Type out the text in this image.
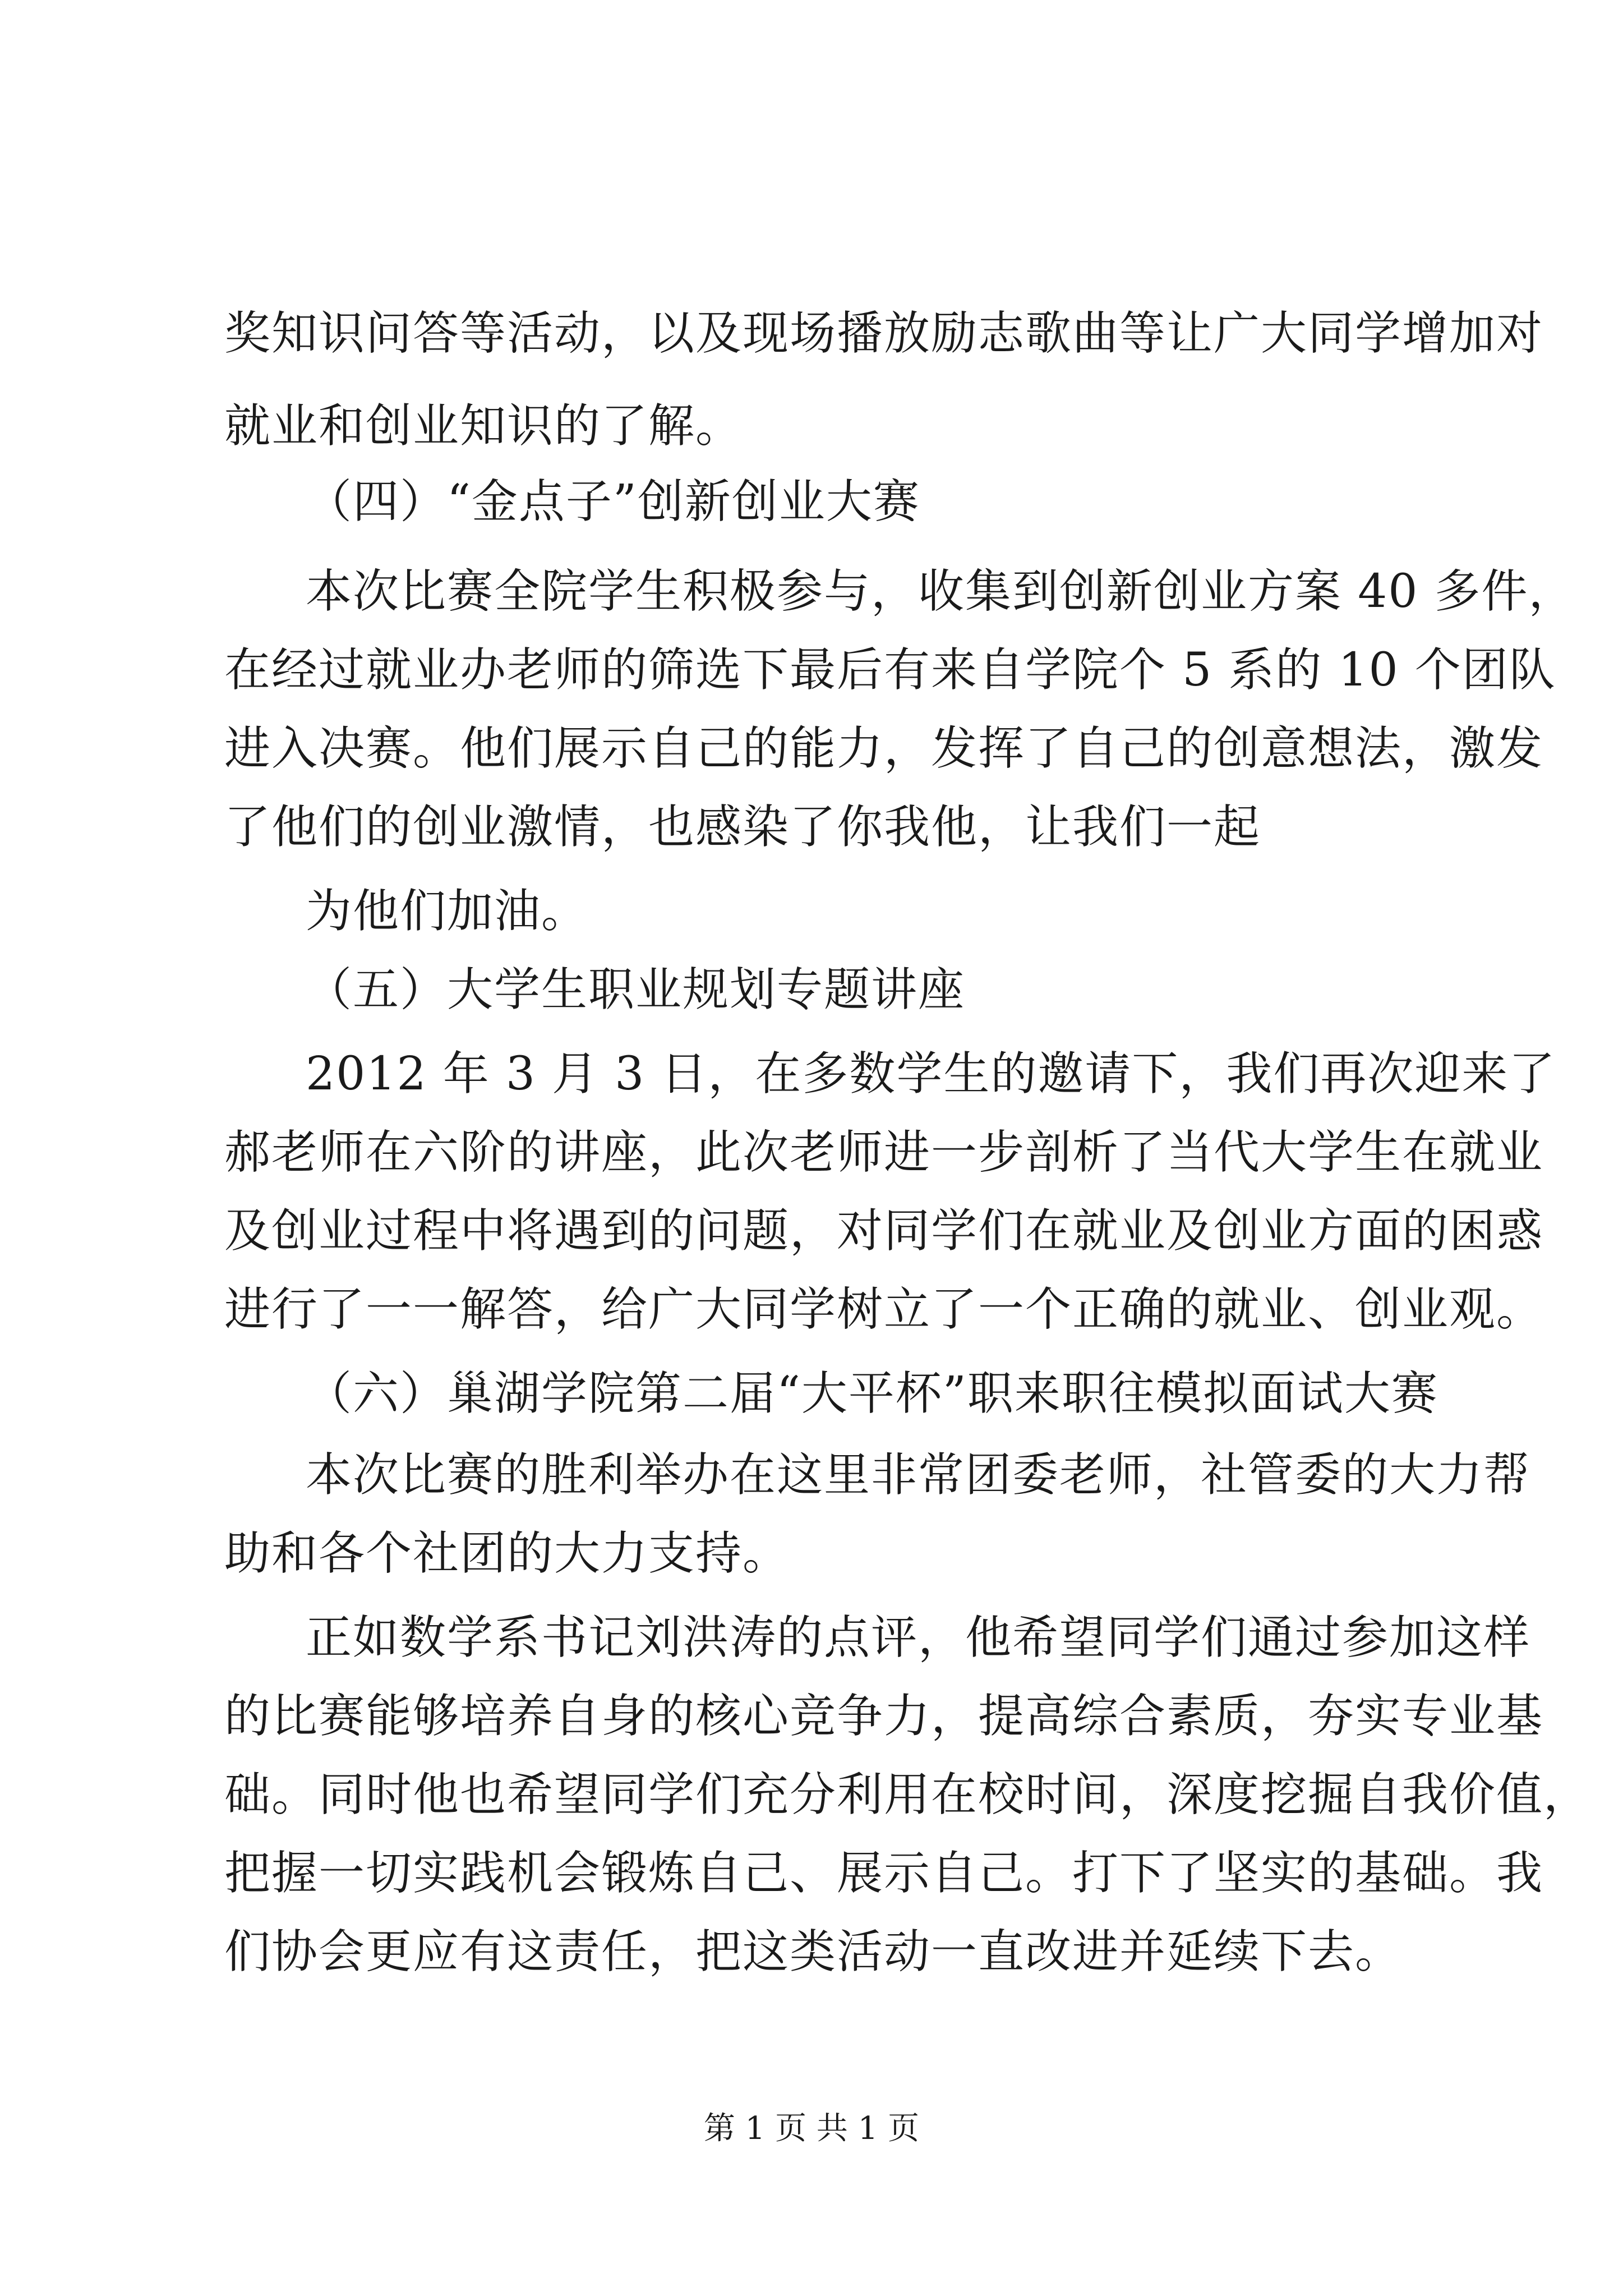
奖知识问答等活动，以及现场播放励志歌曲等让广大同学增加对
就业和创业知识的了解。
（四）“金点子”创新创业大赛
本次比赛全院学生积极参与，收集到创新创业方案 40 多件，
在经过就业办老师的筛选下最后有来自学院个 5 系的 10 个团队
进入决赛。他们展示自己的能力，发挥了自己的创意想法，激发
了他们的创业激情，也感染了你我他，让我们一起
为他们加油。
（五）大学生职业规划专题讲座
2012 年 3 月 3 日，在多数学生的邀请下，我们再次迎来了
郝老师在六阶的讲座，此次老师进一步剖析了当代大学生在就业
及创业过程中将遇到的问题，对同学们在就业及创业方面的困惑
进行了一一解答，给广大同学树立了一个正确的就业、创业观。
（六）巢湖学院第二届“大平杯”职来职往模拟面试大赛
本次比赛的胜利举办在这里非常团委老师，社管委的大力帮
助和各个社团的大力支持。
正如数学系书记刘洪涛的点评，他希望同学们通过参加这样
的比赛能够培养自身的核心竞争力，提高综合素质，夯实专业基
础。同时他也希望同学们充分利用在校时间，深度挖掘自我价值，
把握一切实践机会锻炼自己、展示自己。打下了坚实的基础。我
们协会更应有这责任，把这类活动一直改进并延续下去。
第 1 页 共 1 页
